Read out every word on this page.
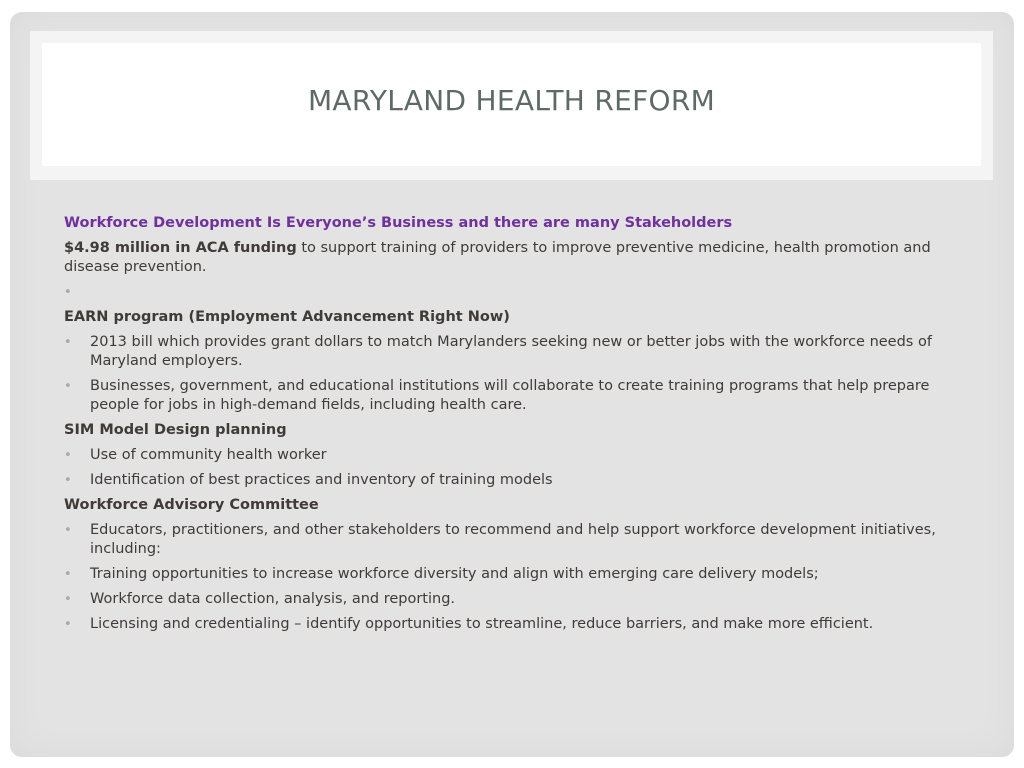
MARYLAND HEALTH REFORM

Workforce Development Is Everyone’s Business and there are many Stakeholders

$4.98 million in ACA funding to support training of providers to improve preventive medicine, health promotion and disease prevention.

•

EARN program (Employment Advancement Right Now)

• 2013 bill which provides grant dollars to match Marylanders seeking new or better jobs with the workforce needs of Maryland employers.
• Businesses, government, and educational institutions will collaborate to create training programs that help prepare people for jobs in high-demand fields, including health care.

SIM Model Design planning

• Use of community health worker
• Identification of best practices and inventory of training models

Workforce Advisory Committee

• Educators, practitioners, and other stakeholders to recommend and help support workforce development initiatives, including:
• Training opportunities to increase workforce diversity and align with emerging care delivery models;
• Workforce data collection, analysis, and reporting.
• Licensing and credentialing – identify opportunities to streamline, reduce barriers, and make more efficient.
